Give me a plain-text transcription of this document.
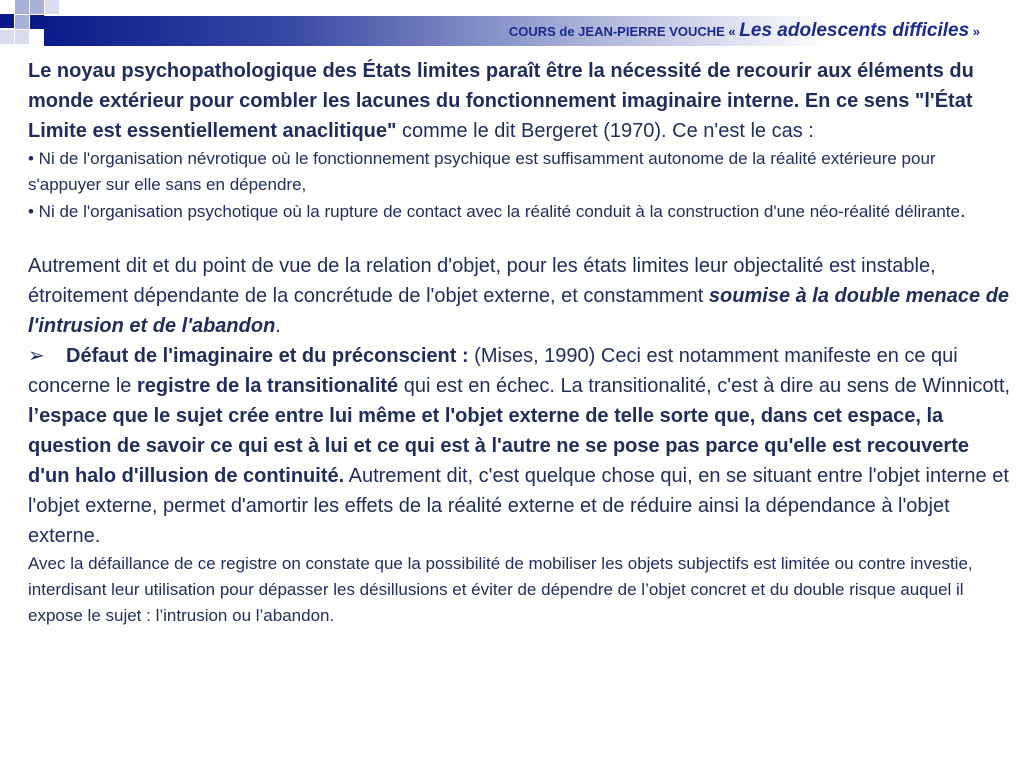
COURS de JEAN-PIERRE VOUCHE « Les adolescents difficiles »

Le noyau psychopathologique des États limites paraît être la nécessité de recourir aux éléments du monde extérieur pour combler les lacunes du fonctionnement imaginaire interne. En ce sens "l'État Limite est essentiellement anaclitique" comme le dit Bergeret (1970). Ce n'est le cas :

• Ni de l'organisation névrotique où le fonctionnement psychique est suffisamment autonome de la réalité extérieure pour s'appuyer sur elle sans en dépendre,

• Ni de l'organisation psychotique où la rupture de contact avec la réalité conduit à la construction d'une néo-réalité délirante.

Autrement dit et du point de vue de la relation d'objet, pour les états limites leur objectalité est instable, étroitement dépendante de la concrétude de l'objet externe, et constamment soumise à la double menace de l'intrusion et de l'abandon.

➢ Défaut de l'imaginaire et du préconscient : (Mises, 1990) Ceci est notamment manifeste en ce qui concerne le registre de la transitionalité qui est en échec. La transitionalité, c'est à dire au sens de Winnicott, l’espace que le sujet crée entre lui même et l'objet externe de telle sorte que, dans cet espace, la question de savoir ce qui est à lui et ce qui est à l'autre ne se pose pas parce qu'elle est recouverte d'un halo d'illusion de continuité. Autrement dit, c'est quelque chose qui, en se situant entre l'objet interne et l'objet externe, permet d'amortir les effets de la réalité externe et de réduire ainsi la dépendance à l'objet externe.

Avec la défaillance de ce registre on constate que la possibilité de mobiliser les objets subjectifs est limitée ou contre investie, interdisant leur utilisation pour dépasser les désillusions et éviter de dépendre de l’objet concret et du double risque auquel il expose le sujet : l’intrusion ou l’abandon.
